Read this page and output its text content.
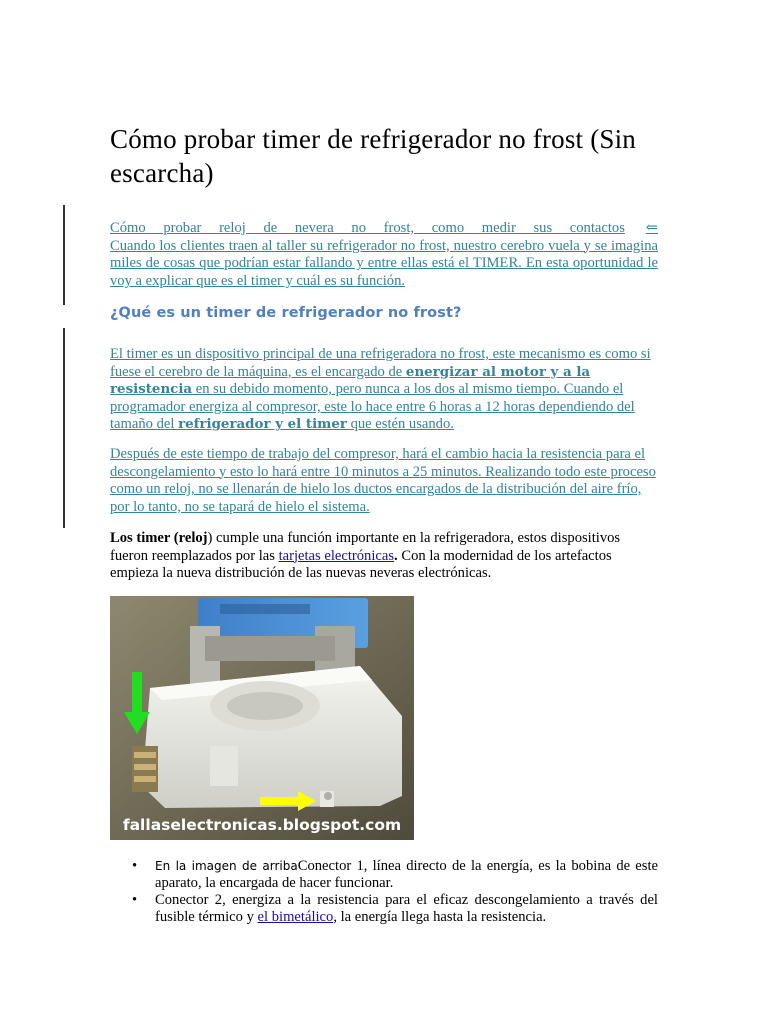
Cómo probar timer de refrigerador no frost (Sin escarcha)

Cómo probar reloj de nevera no frost, como medir sus contactos ⇐
Cuando los clientes traen al taller su refrigerador no frost, nuestro cerebro vuela y se imagina miles de cosas que podrían estar fallando y entre ellas está el TIMER. En esta oportunidad le voy a explicar que es el timer y cuál es su función.

¿Qué es un timer de refrigerador no frost?

El timer es un dispositivo principal de una refrigeradora no frost, este mecanismo es como si fuese el cerebro de la máquina, es el encargado de energizar al motor y a la resistencia en su debido momento, pero nunca a los dos al mismo tiempo. Cuando el programador energiza al compresor, este lo hace entre 6 horas a 12 horas dependiendo del tamaño del refrigerador y el timer que estén usando.

Después de este tiempo de trabajo del compresor, hará el cambio hacia la resistencia para el descongelamiento y esto lo hará entre 10 minutos a 25 minutos. Realizando todo este proceso como un reloj, no se llenarán de hielo los ductos encargados de la distribución del aire frío, por lo tanto, no se tapará de hielo el sistema.

Los timer (reloj) cumple una función importante en la refrigeradora, estos dispositivos fueron reemplazados por las tarjetas electrónicas. Con la modernidad de los artefactos empieza la nueva distribución de las nuevas neveras electrónicas.

fallaselectronicas.blogspot.com
• En la imagen de arribaConector 1, línea directo de la energía, es la bobina de este aparato, la encargada de hacer funcionar.
• Conector 2, energiza a la resistencia para el eficaz descongelamiento a través del fusible térmico y el bimetálico, la energía llega hasta la resistencia.
